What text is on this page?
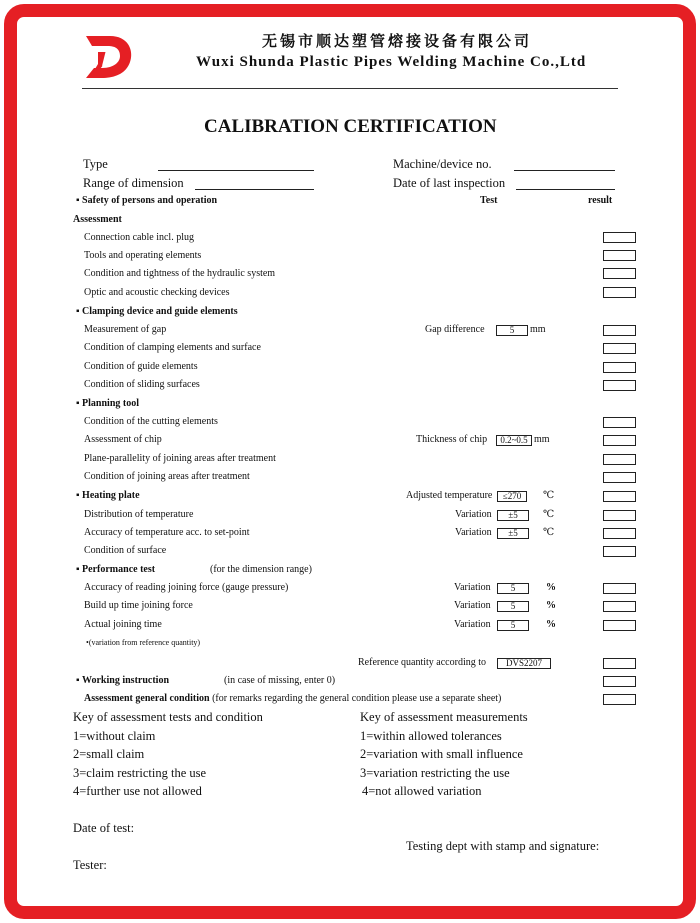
无锡市顺达塑管熔接设备有限公司
Wuxi Shunda Plastic Pipes Welding Machine Co.,Ltd
CALIBRATION CERTIFICATION
Type
Range of dimension
Machine/device no.
Date of last inspection
▪ Safety of persons and operation	Test	result
Assessment
Connection cable incl. plug
Tools and operating elements
Condition and tightness of the hydraulic system
Optic and acoustic checking devices
▪ Clamping device and guide elements
Measurement of gap	Gap difference	5	mm
Condition of clamping elements and surface
Condition of guide elements
Condition of sliding surfaces
▪ Planning tool
Condition of the cutting elements
Assessment of chip	Thickness of chip	0.2~0.5 mm
Plane-parallelity of joining areas after treatment
Condition of joining areas after treatment
▪ Heating plate	Adjusted temperature	≤270	℃
Distribution of temperature	Variation	±5	℃
Accuracy of temperature acc. to set-point	Variation	±5	℃
Condition of surface
▪ Performance test	(for the dimension range)
Accuracy of reading joining force (gauge pressure)	Variation	5	%
Build up time joining force	Variation	5	%
Actual joining time	Variation	5	%
•(variation from reference quantity)
Reference quantity according to	DVS2207
▪ Working instruction	(in case of missing, enter 0)
Assessment general condition (for remarks regarding the general condition please use a separate sheet)
Key of assessment tests and condition
1=without claim
2=small claim
3=claim restricting the use
4=further use not allowed
Key of assessment measurements
1=within allowed tolerances
2=variation with small influence
3=variation restricting the use
4=not allowed variation
Date of test:
Testing dept with stamp and signature:
Tester:
